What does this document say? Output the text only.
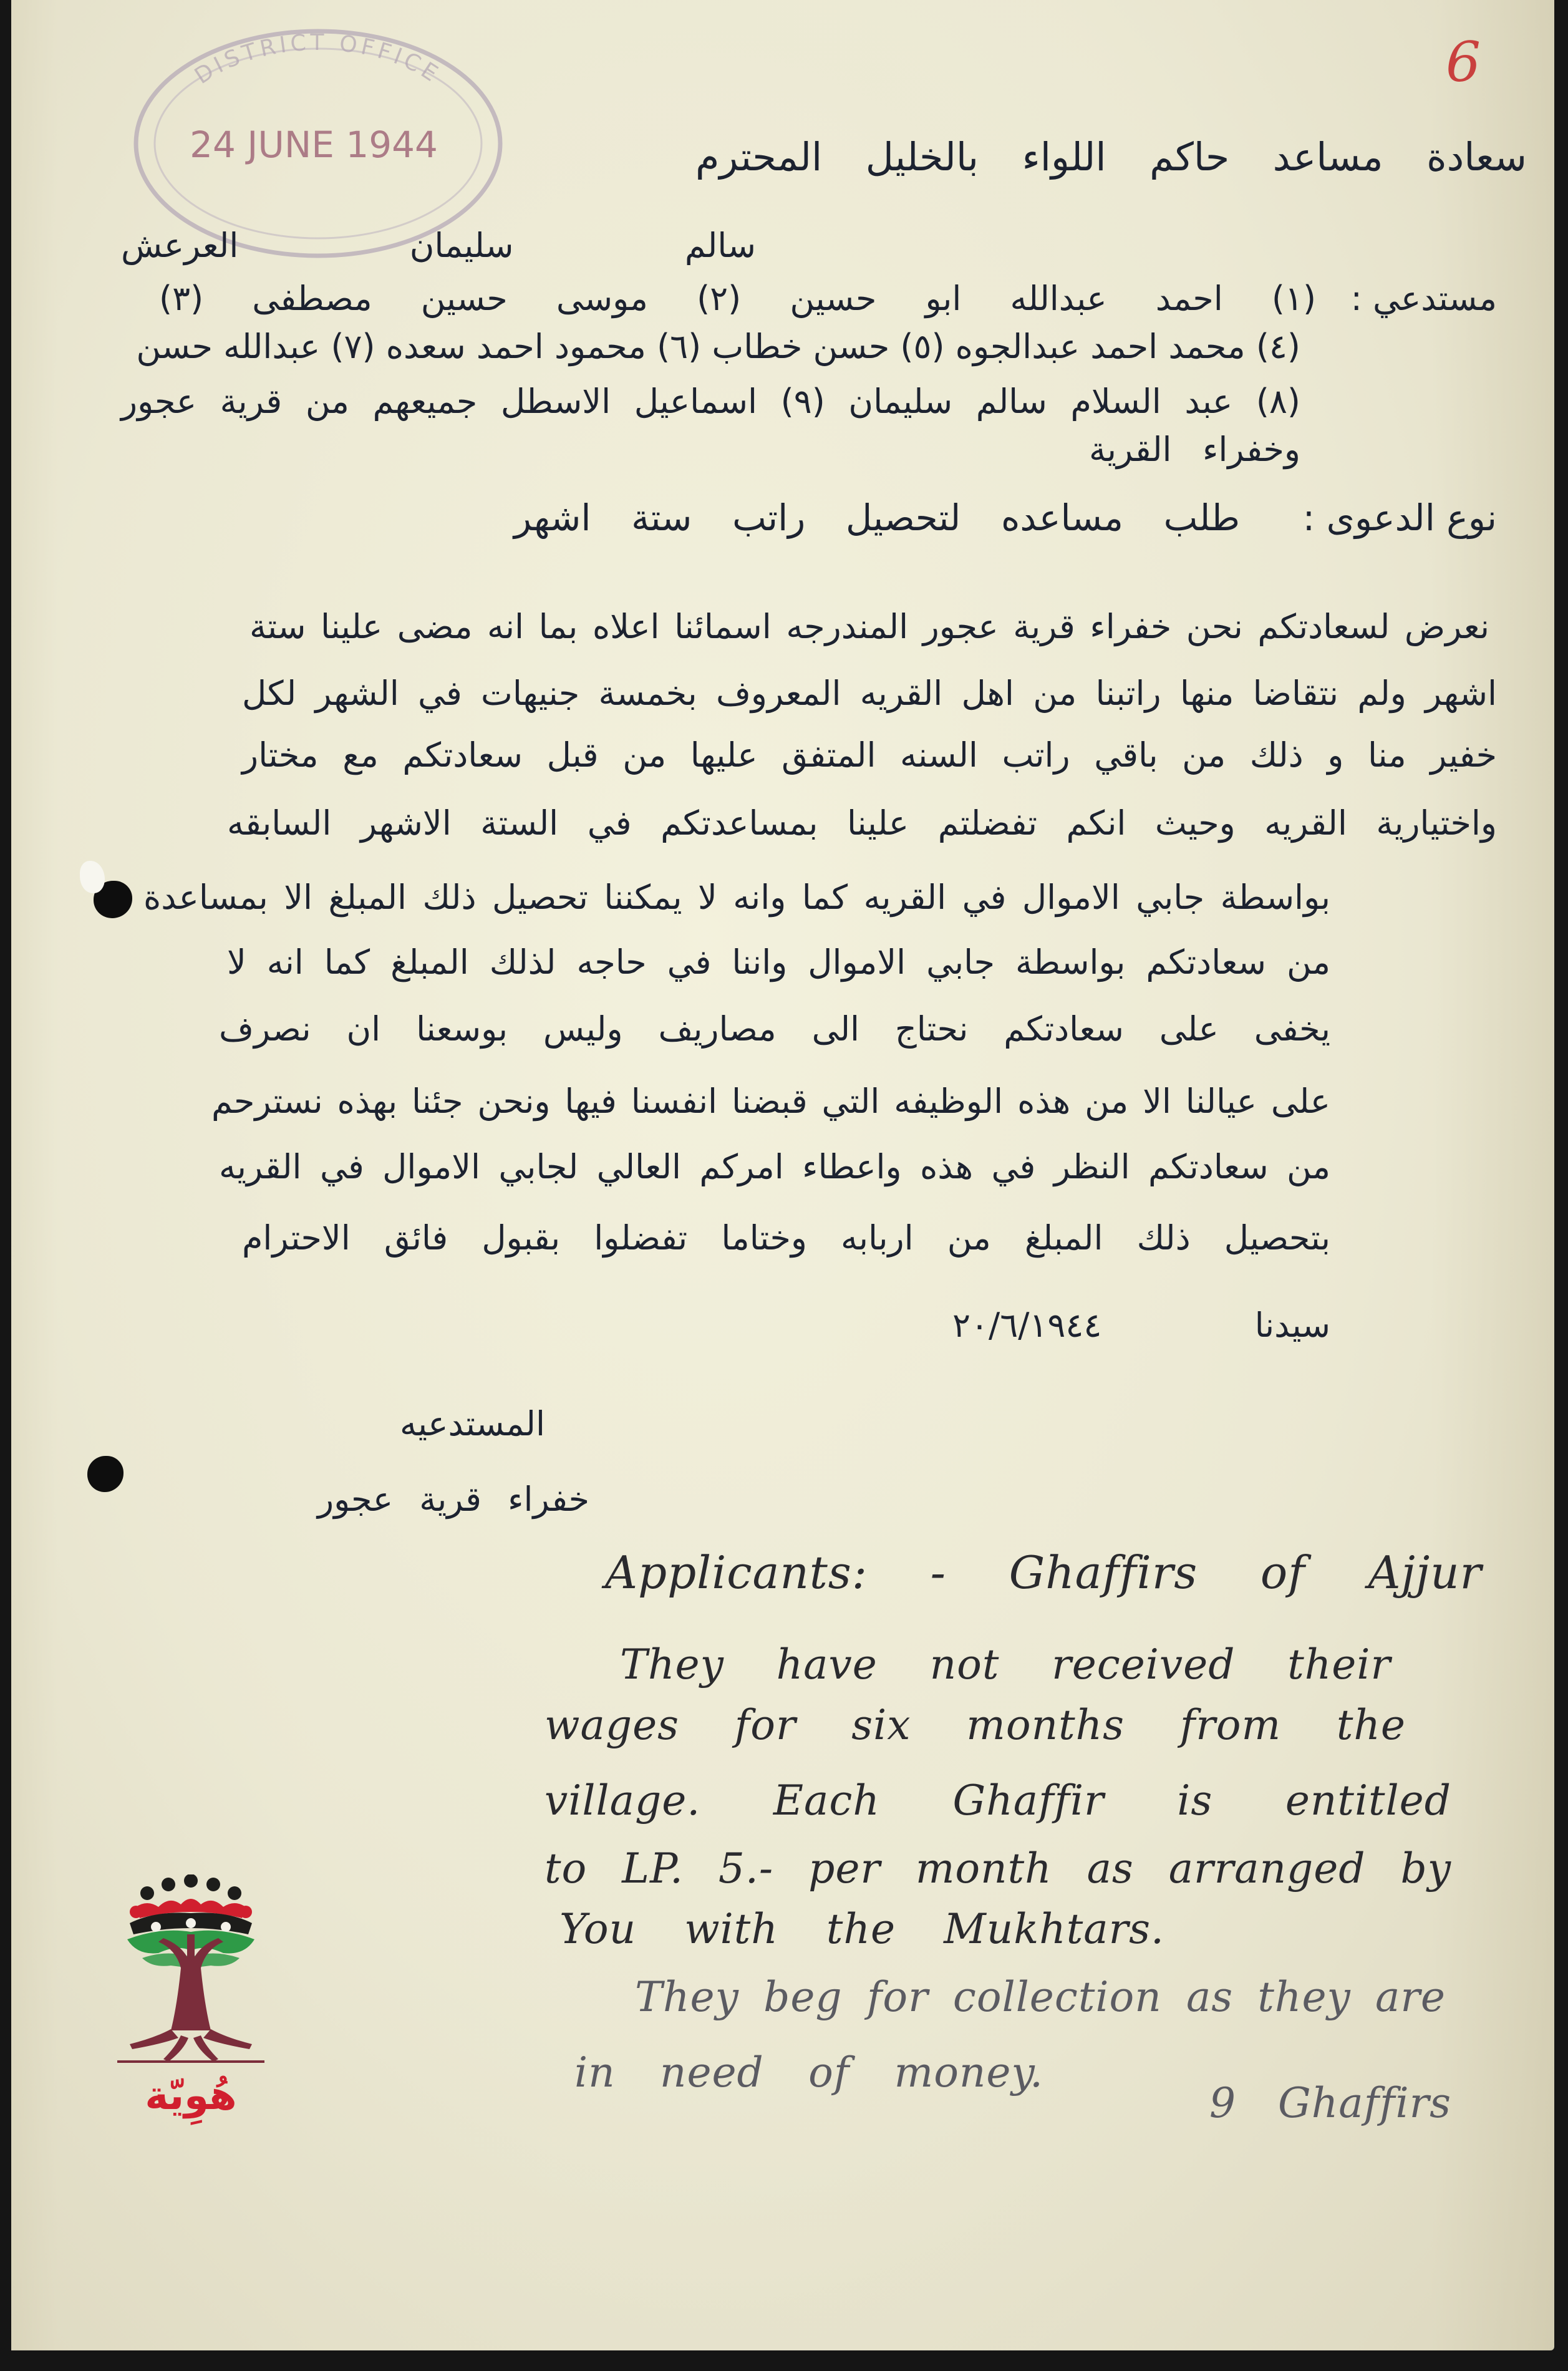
DISTRICT OFFICE
24 JUNE 1944
6
سعادة مساعد حاكم اللواء بالخليل المحترم
سالم سليمان العرعش
مستدعي :
(١) احمد عبدالله ابو حسين (٢) موسى حسين مصطفى (٣)
(٤) محمد احمد عبدالجوه (٥) حسن خطاب (٦) محمود احمد سعده (٧) عبدالله حسن
(٨) عبد السلام سالم سليمان (٩) اسماعيل الاسطل جميعهم من قرية عجور
وخفراء القرية
نوع الدعوى :
طلب مساعده لتحصيل راتب ستة اشهر
نعرض لسعادتكم نحن خفراء قرية عجور المندرجه اسمائنا اعلاه بما انه مضى علينا ستة
اشهر ولم نتقاضا منها راتبنا من اهل القريه المعروف بخمسة جنيهات في الشهر لكل
خفير منا و ذلك من باقي راتب السنه المتفق عليها من قبل سعادتكم مع مختار
واختيارية القريه وحيث انكم تفضلتم علينا بمساعدتكم في الستة الاشهر السابقه
بواسطة جابي الاموال في القريه كما وانه لا يمكننا تحصيل ذلك المبلغ الا بمساعدة
من سعادتكم بواسطة جابي الاموال واننا في حاجه لذلك المبلغ كما انه لا
يخفى على سعادتكم نحتاج الى مصاريف وليس بوسعنا ان نصرف
على عيالنا الا من هذه الوظيفه التي قبضنا انفسنا فيها ونحن جئنا بهذه نسترحم
من سعادتكم النظر في هذه واعطاء امركم العالي لجابي الاموال في القريه
بتحصيل ذلك المبلغ من اربابه وختاما تفضلوا بقبول فائق الاحترام
سيدنا ٢٠/٦/١٩٤٤
المستدعيه
خفراء قرية عجور
Applicants: - Ghaffirs of Ajjur
They have not received their
wages for six months from the
village. Each Ghaffir is entitled
to LP. 5.- per month as arranged by
You with the Mukhtars.
They beg for collection as they are
in need of money.
9 Ghaffirs
هُوِيّة
